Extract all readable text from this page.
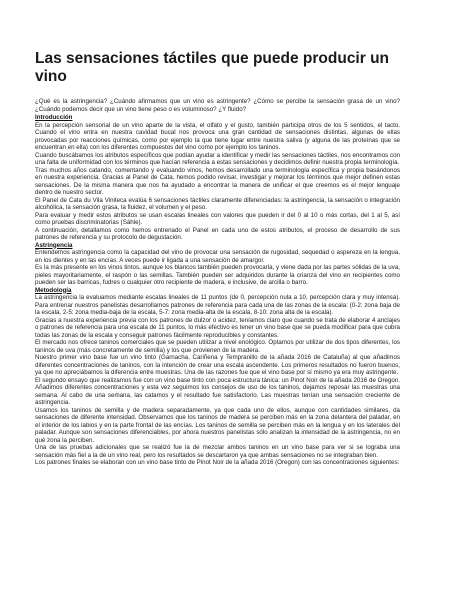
Las sensaciones táctiles que puede producir un vino

¿Qué es la astringencia? ¿Cuándo afirmamos que un vino es astringente? ¿Cómo se percibe la sensación grasa de un vino? ¿Cuándo podemos decir que un vino tiene peso o es voluminoso? ¿Y fluido?

Introducción

En la percepción sensorial de un vino aparte de la vista, el olfato y el gusto, también participa otros de los 5 sentidos, el tacto. Cuando el vino entra en nuestra cavidad bucal nos provoca una gran cantidad de sensaciones distintas, algunas de ellas provocadas por reacciones químicas, como por ejemplo la que tiene lugar entre nuestra saliva (y alguna de las proteínas que se encuentran en ella) con los diferentes compuestos del vino como por ejemplo los taninos.

Cuando buscábamos los atributos específicos que podían ayudar a identificar y medir las sensaciones táctiles, nos encontramos con una falta de uniformidad con los términos que hacían referencia a estas sensaciones y decidimos definir nuestra propia terminología.

Tras muchos años catando, comentando y evaluando vinos, hemos desarrollado una terminología específica y propia basándonos en nuestra experiencia. Gracias al Panel de Cata, hemos podido revisar, investigar y mejorar los términos que mejor definen estas sensaciones. De la misma manera que nos ha ayudado a encontrar la manera de unificar el que creemos es el mejor lenguaje dentro de nuestro sector.

El Panel de Cata du Vila Viniteca evalúa 6 sensaciones táctiles claramente diferenciadas: la astringencia, la sensación o integración alcohólica, la sensación grasa, la fluidez, el volumen y el peso.

Para evaluar y medir estos atributos se usan escalas lineales con valores que pueden ir del 0 al 10 o más cortas, del 1 al 5, así como pruebas discriminatorias (Sáhle).

A continuación, detallamos como hemos entrenado el Panel en cada uno de estos atributos, el proceso de desarrollo de sus patrones de referencia y su protocolo de degustación.

Astringencia

Entendemos astringencia como la capacidad del vino de provocar una sensación de rugosidad, sequedad o aspereza en la lengua, en los dientes y en las encías. A veces puede ir ligada a una sensación de amargor.

Es la más presente en los vinos tintos, aunque los blancos también pueden provocarla, y viene dada por las partes sólidas de la uva, pieles mayoritariamente, el raspón o las semillas. También pueden ser adquiridos durante la crianza del vino en recipientes como pueden ser las barricas, fudres o cualquier otro recipiente de madera, e inclusive, de arcilla o barro.

Metodología

La astringencia la evaluamos mediante escalas lineales de 11 puntos (de 0, percepción nula a 10, percepción clara y muy intensa). Para entrenar nuestros panelistas desarrollamos patrones de referencia para cada una de las zonas de la escala: (0-2: zona baja de la escala, 2-5: zona media-baja de la escala, 5-7: zona media-alta de la escala, 8-10: zona alta de la escala).

Gracias a nuestra experiencia previa con los patrones de dulzor o acidez, teníamos claro que cuando se trata de elaborar 4 anclajes o patrones de referencia para una escala de 11 puntos, lo más efectivo es tener un vino base que se pueda modificar para que cubra todas las zonas de la escala y conseguir patrones fácilmente reproducibles y constantes.

El mercado nos ofrece taninos comerciales que se pueden utilizar a nivel enológico. Optamos por utilizar de dos tipos diferentes, los taninos de uva (más concretamente de semilla) y los que provienen de la madera.

Nuestro primer vino base fue un vino tinto (Garnacha, Cariñena y Tempranillo de la añada 2016 de Cataluña) al que añadimos diferentes concentraciones de taninos, con la intención de crear una escala ascendente. Los primeros resultados no fueron buenos, ya que no apreciábamos la diferencia entre muestras. Una de las razones fue que el vino base por sí mismo ya era muy astringente.

El segundo ensayo que realizamos fue con un vino base tinto con poca estructura tánica: un Pinot Noir de la añada 2016 de Oregon. Añadimos diferentes concentraciones y esta vez seguimos los consejos de uso de los taninos, dejamos reposar las muestras una semana. Al cabo de una semana, las catamos y el resultado fue satisfactorio. Las muestras tenían una sensación creciente de astringencia.

Usamos los taninos de semilla y de madera separadamente, ya que cada uno de ellos, aunque con cantidades similares, da sensaciones de diferente intensidad. Observamos que los taninos de madera se perciben más en la zona delantera del paladar, en el interior de los labios y en la parte frontal de las encías. Los taninos de semilla se perciben más en la lengua y en los laterales del paladar. Aunque son sensaciones diferenciables, por ahora nuestros panelistas sólo analizan la intensidad de la astringencia, no en qué zona la perciben.

Una de las pruebas adicionales que se realizó fue la de mezclar ambos taninos en un vino base para ver si se lograba una sensación más fiel a la de un vino real, pero los resultados se descartaron ya que ambas sensaciones no se integraban bien.

Los patrones finales se elaboran con un vino base tinto de Pinot Noir de la añada 2016 (Oregon) con las concentraciones siguientes:
